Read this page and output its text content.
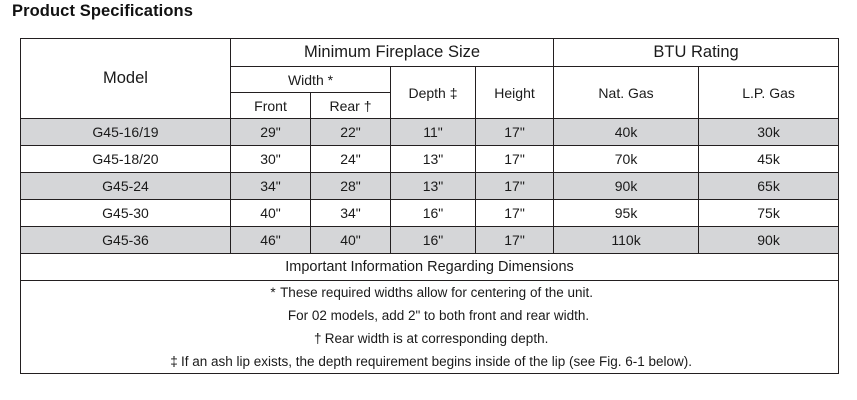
Product Specifications
Model	Minimum Fireplace Size				BTU Rating	
	Width *		Depth ‡	Height	Nat. Gas	L.P. Gas
	Front	Rear †				
G45-16/19	29"	22"	11"	17"	40k	30k
G45-18/20	30"	24"	13"	17"	70k	45k
G45-24	34"	28"	13"	17"	90k	65k
G45-30	40"	34"	16"	17"	95k	75k
G45-36	46"	40"	16"	17"	110k	90k
Important Information Regarding Dimensions						

* These required widths allow for centering of the unit.
For 02 models, add 2" to both front and rear width.
† Rear width is at corresponding depth.
‡ If an ash lip exists, the depth requirement begins inside of the lip (see Fig. 6-1 below).						
